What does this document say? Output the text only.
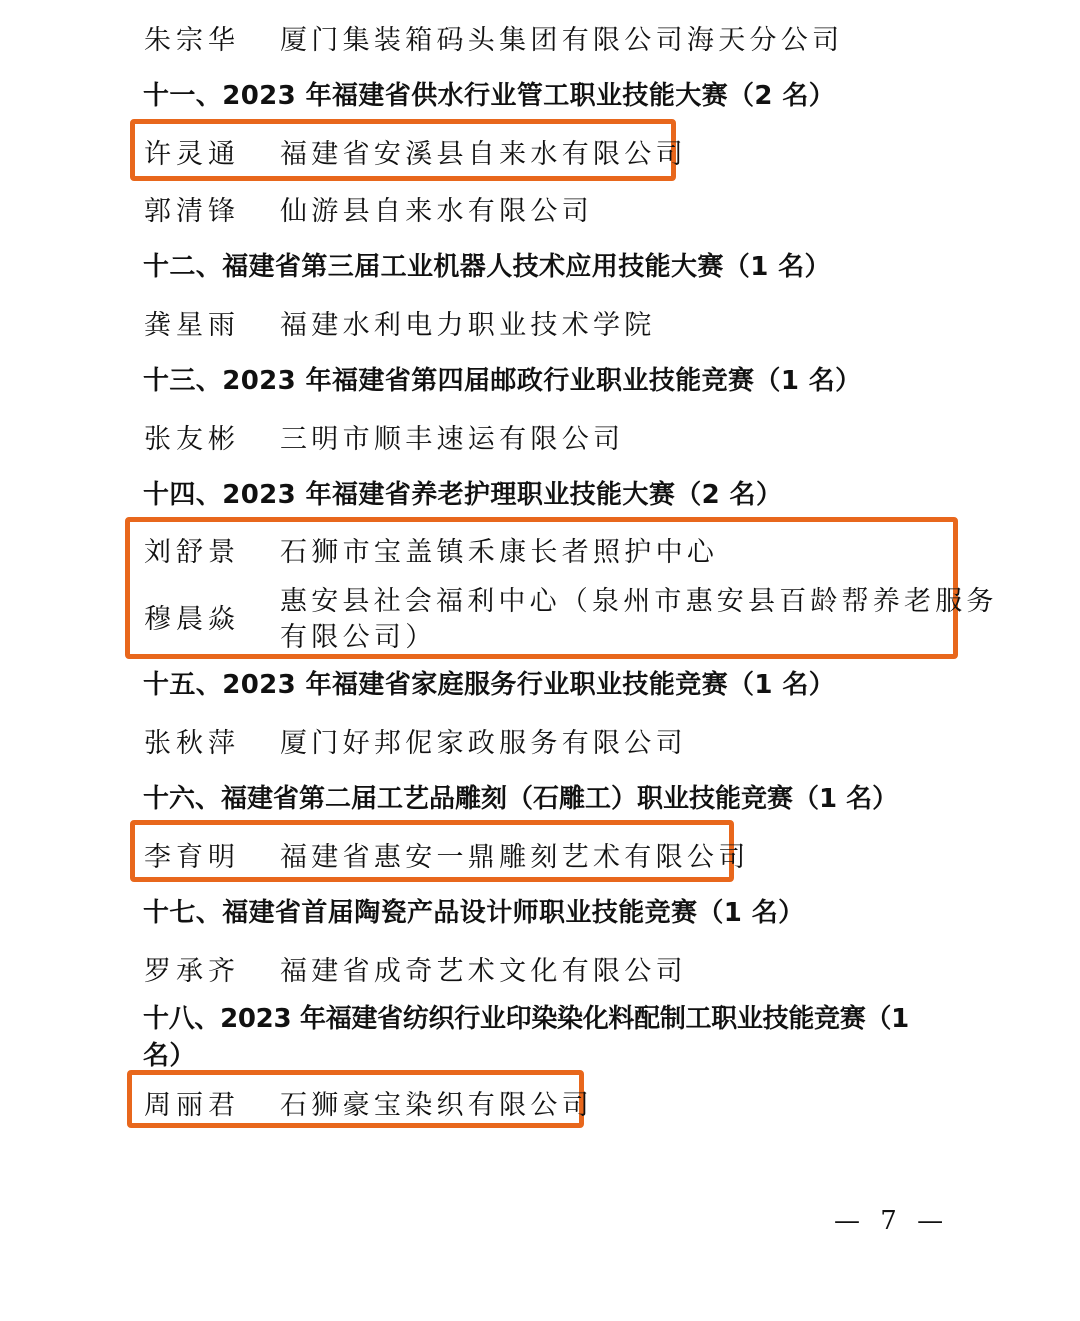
朱宗华 厦门集装箱码头集团有限公司海天分公司
十一、2023 年福建省供水行业管工职业技能大赛（2 名）
许灵通 福建省安溪县自来水有限公司
郭清锋 仙游县自来水有限公司
十二、福建省第三届工业机器人技术应用技能大赛（1 名）
龚星雨 福建水利电力职业技术学院
十三、2023 年福建省第四届邮政行业职业技能竞赛（1 名）
张友彬 三明市顺丰速运有限公司
十四、2023 年福建省养老护理职业技能大赛（2 名）
刘舒景 石狮市宝盖镇禾康长者照护中心
穆晨焱
惠安县社会福利中心（泉州市惠安县百龄帮养老服务
有限公司）
十五、2023 年福建省家庭服务行业职业技能竞赛（1 名）
张秋萍 厦门好邦伲家政服务有限公司
十六、福建省第二届工艺品雕刻（石雕工）职业技能竞赛（1 名）
李育明 福建省惠安一鼎雕刻艺术有限公司
十七、福建省首届陶瓷产品设计师职业技能竞赛（1 名）
罗承齐 福建省成奇艺术文化有限公司
十八、2023 年福建省纺织行业印染染化料配制工职业技能竞赛（1
名）
周丽君 石狮豪宝染织有限公司
— 7 —
